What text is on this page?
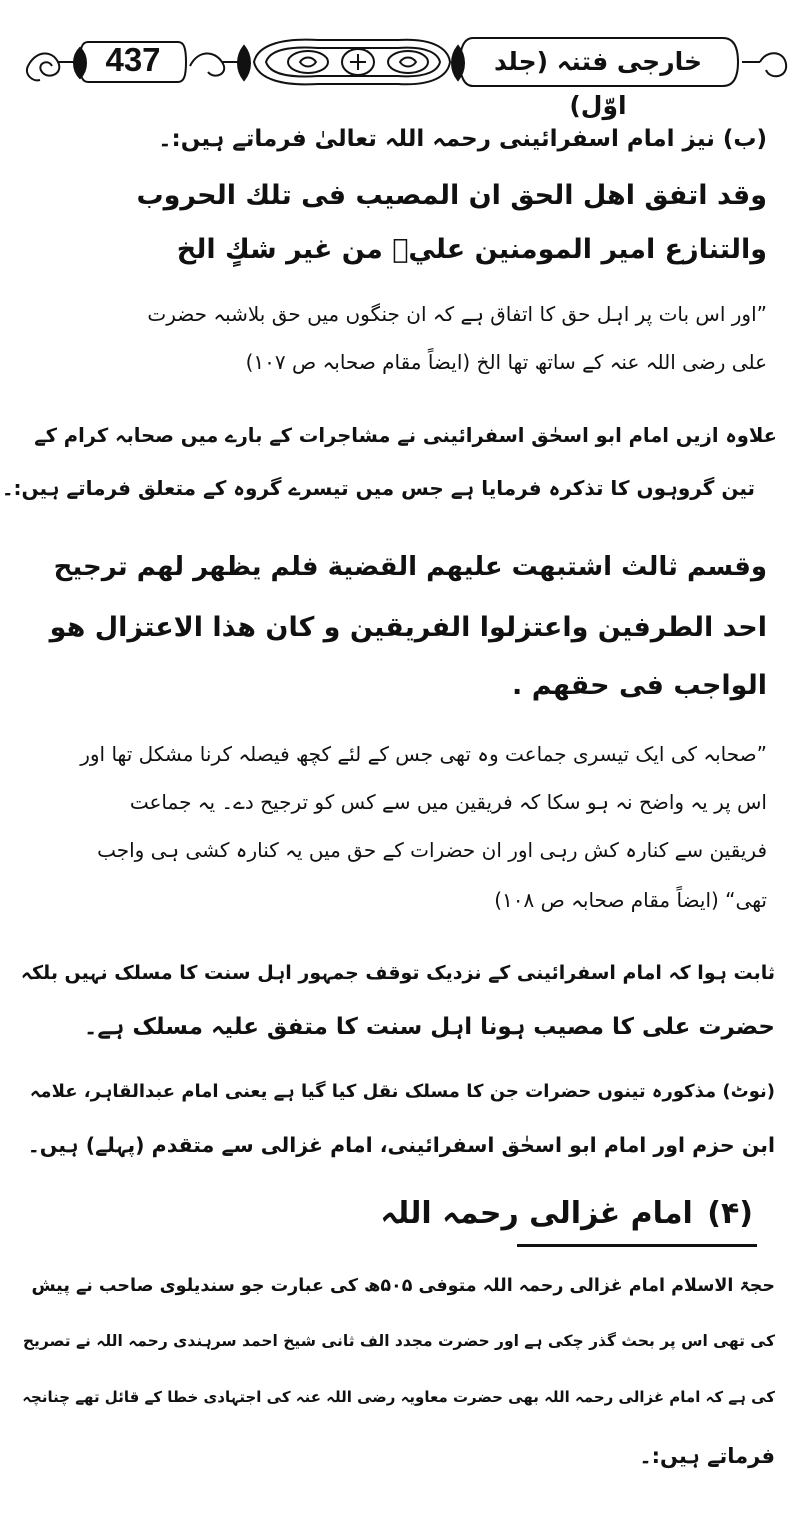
437	خارجی فتنہ (جلد اوّل)
(ب) نیز امام اسفرائینی رحمہ اللہ تعالیٰ فرماتے ہیں:۔
وقد اتفق اهل الحق ان المصيب فى تلك الحروب
والتنازع امير المومنين عليؓ من غير شكٍ الخ
”اور اس بات پر اہل حق کا اتفاق ہے کہ ان جنگوں میں حق بلاشبہ حضرت
علی رضی اللہ عنہ کے ساتھ تھا الخ (ایضاً مقام صحابہ ص ۱۰۷)
علاوہ ازیں امام ابو اسحٰق اسفرائینی نے مشاجرات کے بارے میں صحابہ کرام کے
تین گروہوں کا تذکرہ فرمایا ہے جس میں تیسرے گروہ کے متعلق فرماتے ہیں:۔
وقسم ثالث اشتبهت عليهم القضية فلم يظهر لهم ترجيح
احد الطرفين واعتزلوا الفريقين و كان هذا الاعتزال هو
الواجب فى حقهم .
”صحابہ کی ایک تیسری جماعت وہ تھی جس کے لئے کچھ فیصلہ کرنا مشکل تھا اور
اس پر یہ واضح نہ ہو سکا کہ فریقین میں سے کس کو ترجیح دے۔ یہ جماعت
فریقین سے کنارہ کش رہی اور ان حضرات کے حق میں یہ کنارہ کشی ہی واجب
تھی“ (ایضاً مقام صحابہ ص ۱۰۸)
ثابت ہوا کہ امام اسفرائینی کے نزدیک توقف جمہور اہل سنت کا مسلک نہیں بلکہ
حضرت علی کا مصیب ہونا اہل سنت کا متفق علیہ مسلک ہے۔
(نوٹ) مذکورہ تینوں حضرات جن کا مسلک نقل کیا گیا ہے یعنی امام عبدالقاہر، علامہ
ابن حزم اور امام ابو اسحٰق اسفرائینی، امام غزالی سے متقدم (پہلے) ہیں۔
(۴) امام غزالی رحمہ اللہ
حجۃ الاسلام امام غزالی رحمہ اللہ متوفی ۵۰۵ھ کی عبارت جو سندیلوی صاحب نے پیش
کی تھی اس پر بحث گذر چکی ہے اور حضرت مجدد الف ثانی شیخ احمد سرہندی رحمہ اللہ نے تصریح
کی ہے کہ امام غزالی رحمہ اللہ بھی حضرت معاویہ رضی اللہ عنہ کی اجتہادی خطا کے قائل تھے چنانچہ
فرماتے ہیں:۔
